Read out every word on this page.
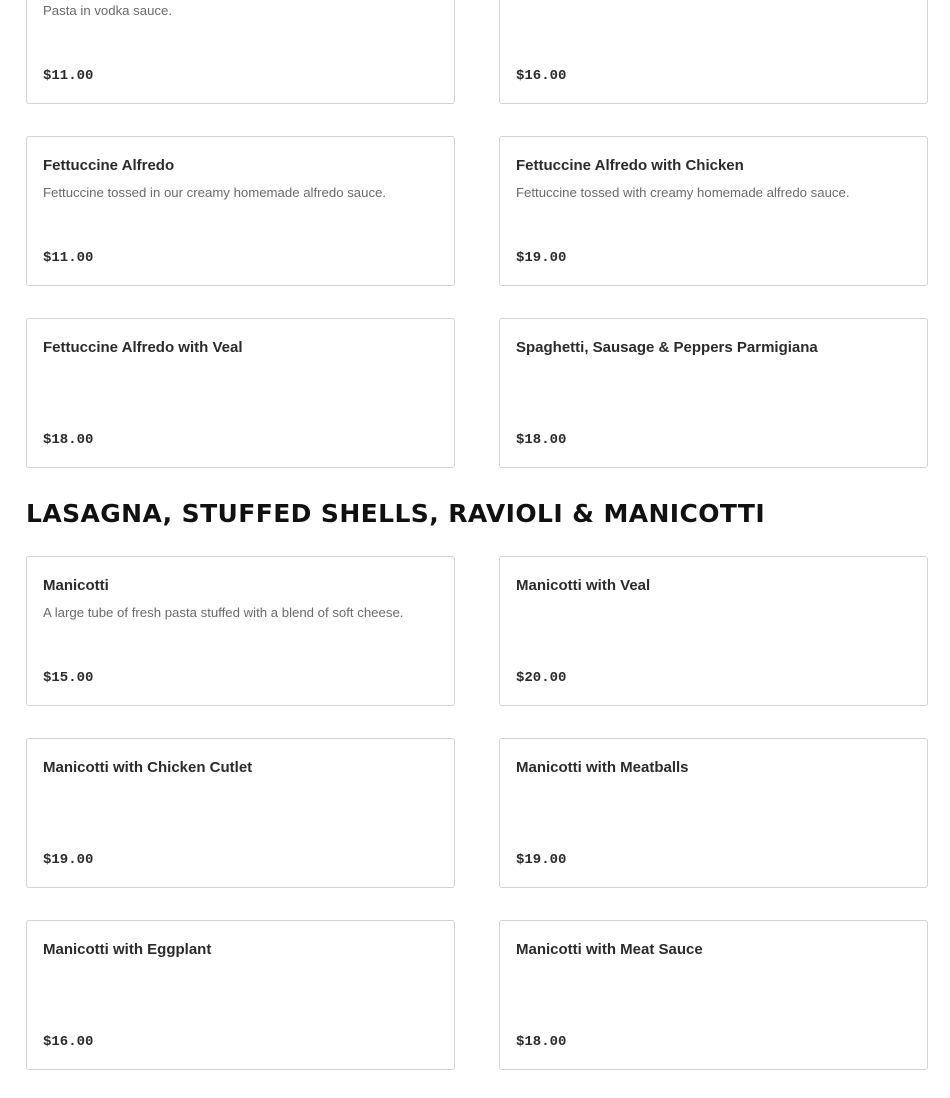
Pasta in vodka sauce.
$11.00	$16.00
Fettuccine Alfredo
Fettuccine tossed in our creamy homemade alfredo sauce.
$11.00
Fettuccine Alfredo with Chicken
Fettuccine tossed with creamy homemade alfredo sauce.
$19.00
Fettuccine Alfredo with Veal
$18.00
Spaghetti, Sausage & Peppers Parmigiana
$18.00
LASAGNA, STUFFED SHELLS, RAVIOLI & MANICOTTI
Manicotti
A large tube of fresh pasta stuffed with a blend of soft cheese.
$15.00
Manicotti with Veal
$20.00
Manicotti with Chicken Cutlet
$19.00
Manicotti with Meatballs
$19.00
Manicotti with Eggplant
$16.00
Manicotti with Meat Sauce
$18.00
